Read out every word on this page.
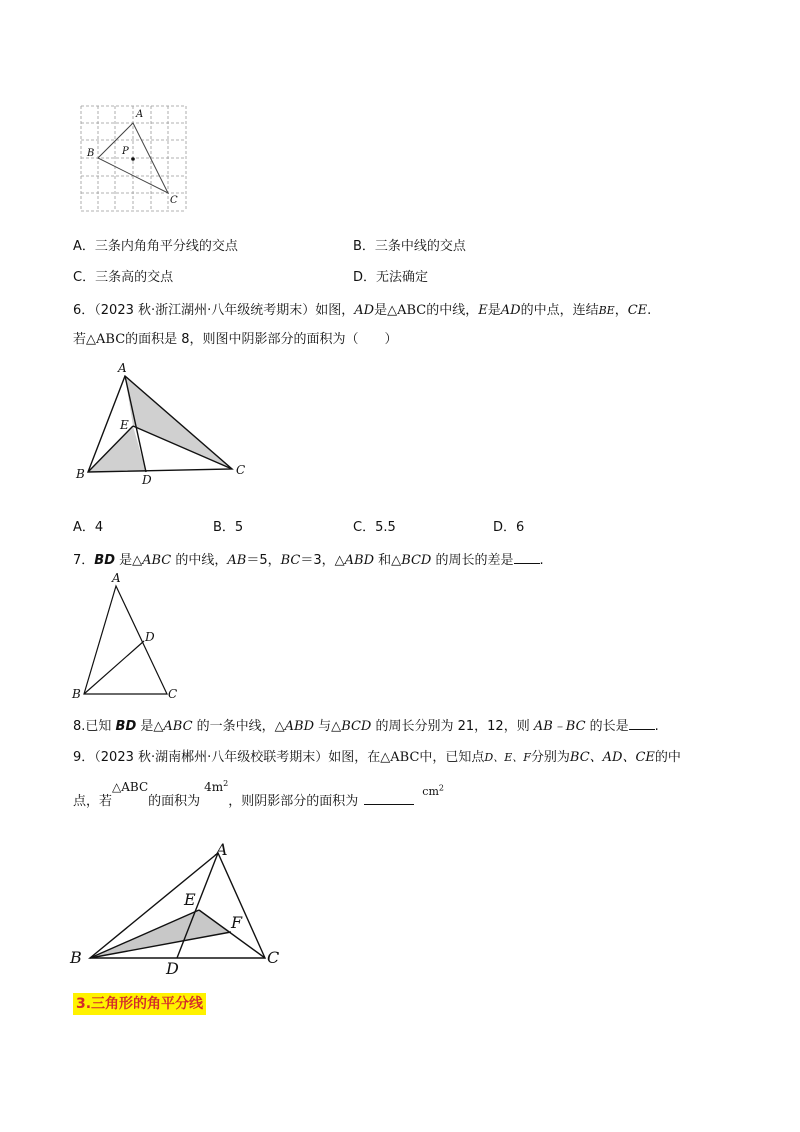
A
B	P
C
A．三条内角角平分线的交点	B．三条中线的交点
C．三条高的交点	D．无法确定
6．（2023 秋·浙江湖州·八年级统考期末）如图，AD是△ABC的中线，E是AD的中点，连结BE，CE.
若△ABC的面积是 8，则图中阴影部分的面积为（　　）
A
E
B	D
C
A．4	B．5	C．5.5	D．6
7．BD 是△ABC 的中线，AB＝5，BC＝3，△ABD 和△BCD 的周长的差是 .
A
D
B	C
8.已知 BD 是△ABC 的一条中线，△ABD 与△BCD 的周长分别为 21，12，则 AB﹣BC 的长是 .
9．（2023 秋·湖南郴州·八年级校联考期末）如图，在△ABC中，已知点D、E、F分别为BC、AD、CE的中
点，若△ABC的面积为$4m^2$，则阴影部分的面积为$^{cm^2}$
A
E
F
B
D
C
3.三角形的角平分线
